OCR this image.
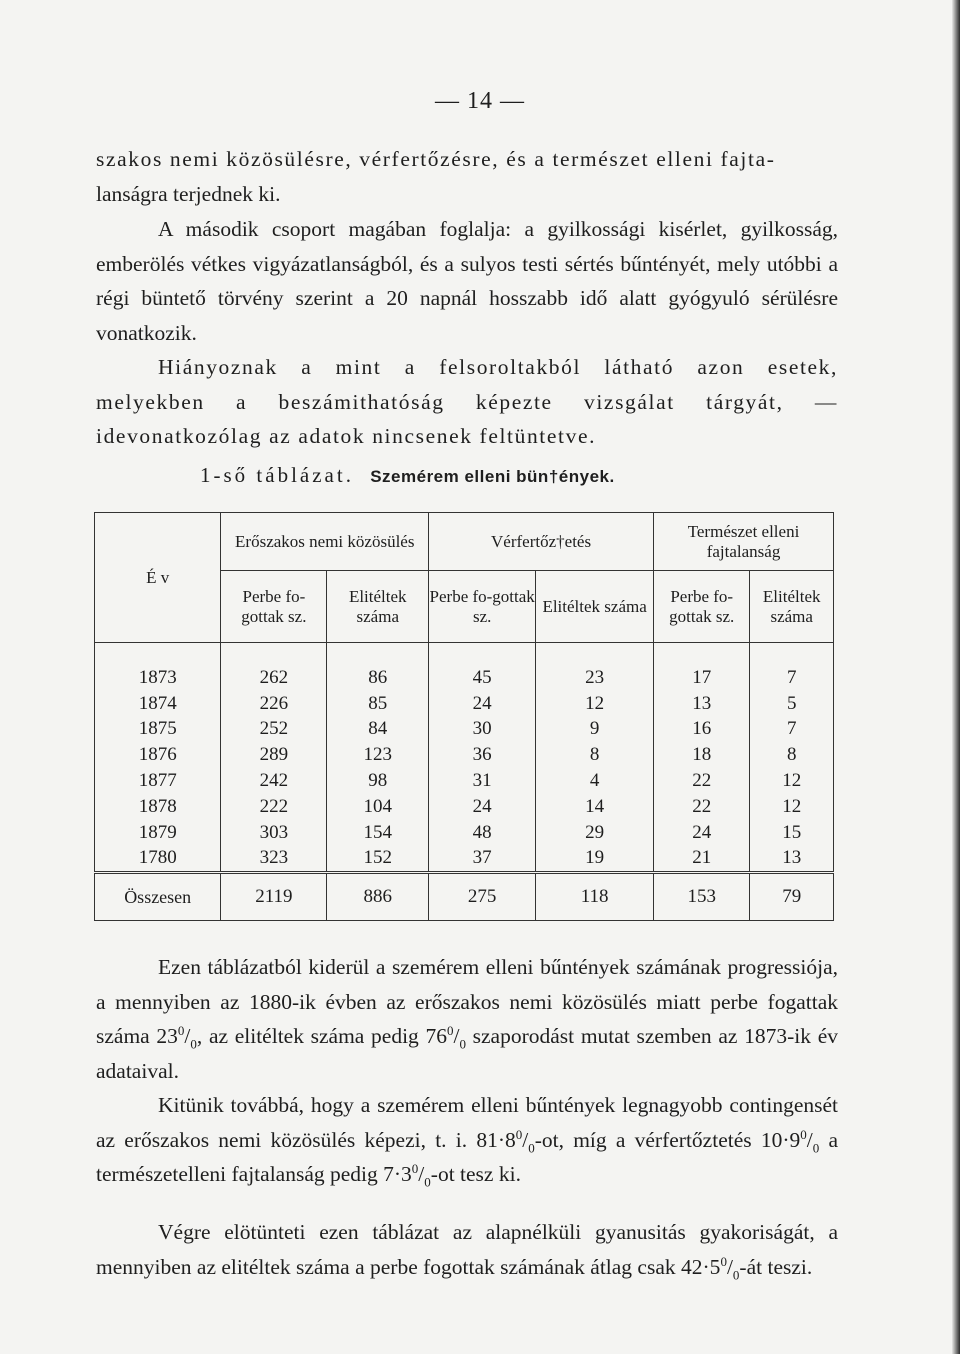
— 14 —

szakos nemi közösülésre, vérfertőzésre, és a természet elleni fajta-
lanságra terjednek ki.

A második csoport magában foglalja: a gyilkossági kisérlet, gyilkosság, emberölés vétkes vigyázatlanságból, és a sulyos testi sértés bűntényét, mely utóbbi a régi büntető törvény szerint a 20 napnál hosszabb idő alatt gyógyuló sérülésre vonatkozik.

Hiányoznak a mint a felsoroltakból látható azon esetek, melyekben a beszámithatóság képezte vizsgálat tárgyát, — idevonatkozólag az adatok nincsenek feltüntetve.

1-ső táblázat. Szemérem elleni bün†ények.
É v	Erőszakos nemi közösülés		Vérfertőz†etés		Természet elleni fajtalanság	
	Perbe fo-gottak sz.	Elitéltek száma	Perbe fo-gottak sz.	Elitéltek száma	Perbe fo-gottak sz.	Elitéltek száma

1873	262	86	45	23	17	7
1874	226	85	24	12	13	5
1875	252	84	30	9	16	7
1876	289	123	36	8	18	8
1877	242	98	31	4	22	12
1878	222	104	24	14	22	12
1879	303	154	48	29	24	15
1780	323	152	37	19	21	13
Összesen	2119	886	275	118	153	79

Ezen táblázatból kiderül a szemérem elleni bűntények számának progressiója, a mennyiben az 1880-ik évben az erőszakos nemi közösülés miatt perbe fogattak száma $23^0/_0$, az elitéltek száma pedig $76^0/_0$ szaporodást mutat szemben az 1873-ik év adataival.

Kitünik továbbá, hogy a szemérem elleni bűntények legnagyobb contingensét az erőszakos nemi közösülés képezi, t. i. $81\cdot 8^0/_0-ot$, míg a vérfertőztetés $10\cdot 9^0/_0$ a természetelleni fajtalanság pedig $7\cdot 3^0/_0-ot$ tesz ki.

Végre elötünteti ezen táblázat az alapnélküli gyanusitás gyakoriságát, a mennyiben az elitéltek száma a perbe fogottak számának átlag csak $42\cdot 5^0/_0-át$ teszi.
